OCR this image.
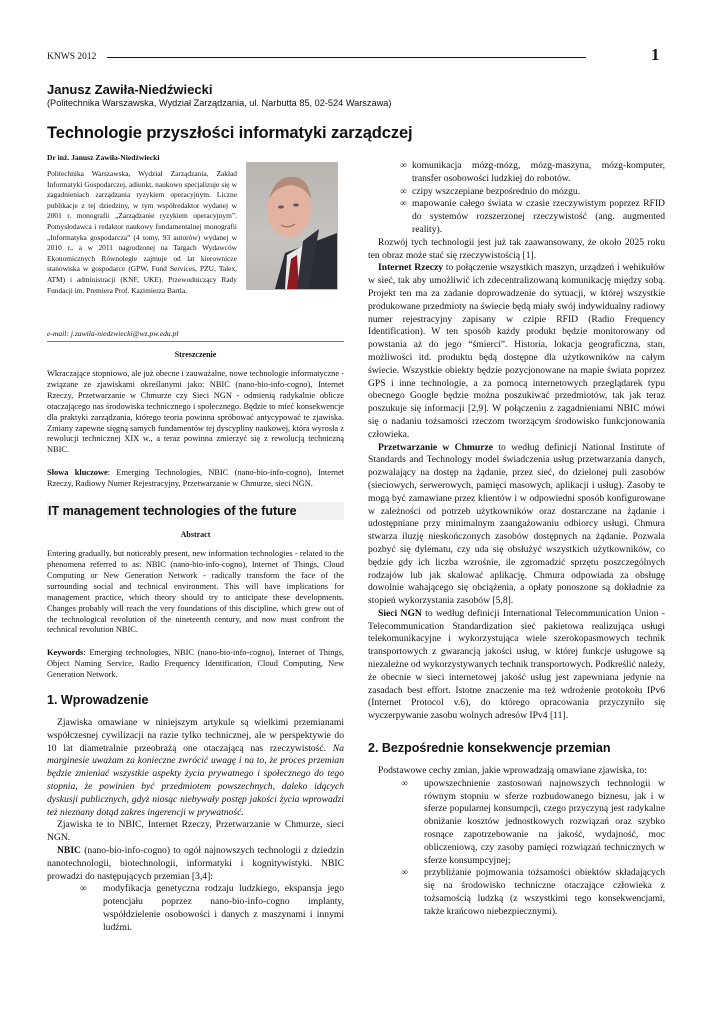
KNWS 2012	1
Janusz Zawiła-Niedźwiecki
(Politechnika Warszawska, Wydział Zarządzania, ul. Narbutta 85, 02-524 Warszawa)
Technologie przyszłości informatyki zarządczej
Dr inż. Janusz Zawiła-Niedźwiecki
Politechnika Warszawska, Wydział Zarządzania, Zakład Informatyki Gospodarczej, adiunkt, naukowo specjalizuje się w zagadnieniach zarządzania ryzykiem operacyjnym. Liczne publikacje z tej dziedziny, w tym współredaktor wydanej w 2001 r. monografii „Zarządzanie ryzykiem operacyjnym”. Pomysłodawca i redaktor naukowy fundamentalnej monografii „Informatyka gospodarcza” (4 tomy, 93 autorów) wydanej w 2010 r., a w 2011 nagrodzonej na Targach Wydawców Ekonomicznych Równolegle zajmuje od lat kierownicze stanowiska w gospodarce (GPW, Fund Services, PZU, Talex, ATM) i administracji (KNF, UKE). Przewodniczący Rady Fundacji im. Premiera Prof. Kazimierza Bartla.
e-mail: j.zawila-niedzwiecki@wz.pw.edu.pl
Streszczenie

Wkraczające stopniowo, ale już obecne i zauważalne, nowe technologie informatyczne - związane ze zjawiskami określanymi jako: NBIC (nano-bio-info-cogno), Internet Rzeczy, Przetwarzanie w Chmurze czy Sieci NGN - odmienią radykalnie oblicze otaczającego nas środowiska technicznego i społecznego. Będzie to mieć konsekwencje dla praktyki zarządzania, którego teoria powinna spróbować antycypować te zjawiska. Zmiany zapewne sięgną samych fundamentów tej dyscypliny naukowej, która wyrosła z rewolucji technicznej XIX w., a teraz powinna zmierzyć się z rewolucją techniczną NBIC.

Słowa kluczowe: Emerging Technologies, NBIC (nano-bio-info-cogno), Internet Rzeczy, Radiowy Numer Rejestracyjny, Przetwarzanie w Chmurze, sieci NGN.

IT management technologies of the future
Abstract

Entering gradually, but noticeably present, new information technologies - related to the phenomena referred to as: NBIC (nano-bio-info-cogno), Internet of Things, Cloud Computing or New Generation Network - radically transform the face of the surrounding social and technical environment. This will have implications for management practice, which theory should try to anticipate these developments. Changes probably will reach the very foundations of this discipline, which grew out of the technological revolution of the nineteenth century, and now must confront the technical revolution NBIC.

Keywords: Emerging technologies, NBIC (nano-bio-info-cogno), Internet of Things, Object Naming Service, Radio Frequency Identification, Cloud Computing, New Generation Network.

1. Wprowadzenie

Zjawiska omawiane w niniejszym artykule są wielkimi przemianami współczesnej cywilizacji na razie tylko technicznej, ale w perspektywie do 10 lat diametralnie przeobrażą one otaczającą nas rzeczywistość. Na marginesie uważam za konieczne zwrócić uwagę i na to, że proces przemian będzie zmieniać wszystkie aspekty życia prywatnego i społecznego do tego stopnia, że powinien być przedmiotem powszechnych, daleko idących dyskusji publicznych, gdyż niosąc niebywały postęp jakości życia wprowadzi też nieznany dotąd zakres ingerencji w prywatność.

Zjawiska te to NBIC, Internet Rzeczy, Przetwarzanie w Chmurze, sieci NGN.

NBIC (nano-bio-info-cogno) to ogół najnowszych technologii z dziedzin nanotechnologii, biotechnologii, informatyki i kognitywistyki. NBIC prowadzi do następujących przemian [3,4]:

∞ modyfikacja genetyczna rodzaju ludzkiego, ekspansja jego potencjału poprzez nano-bio-info-cogno implanty, współdzielenie osobowości i danych z maszynami i innymi ludźmi.
∞ komunikacja mózg-mózg, mózg-maszyna, mózg-komputer, transfer osobowości ludzkiej do robotów.
∞ czipy wszczepiane bezpośrednio do mózgu.
∞ mapowanie całego świata w czasie rzeczywistym poprzez RFID do systemów rozszerzonej rzeczywistość (ang. augmented reality).

Rozwój tych technologii jest już tak zaawansowany, że około 2025 roku ten obraz może stać się rzeczywistością [1].

Internet Rzeczy to połączenie wszystkich maszyn, urządzeń i wehikułów w sieć, tak aby umożliwić ich zdecentralizowaną komunikację między sobą. Projekt ten ma za zadanie doprowadzenie do sytuacji, w której wszystkie produkowane przedmioty na świecie będą miały swój indywidualny radiowy numer rejestracyjny zapisany w czipie RFID (Radio Frequency Identification). W ten sposób każdy produkt będzie monitorowany od powstania aż do jego “śmierci”. Historia, lokacja geograficzna, stan, możliwości itd. produktu będą dostępne dla użytkowników na całym świecie. Wszystkie obiekty będzie pozycjonowane na mapie świata poprzez GPS i inne technologie, a za pomocą internetowych przeglądarek typu obecnego Google będzie można poszukiwać przedmiotów, tak jak teraz poszukuje się informacji [2,9]. W połączeniu z zagadnieniami NBIC mówi się o nadaniu tożsamości rzeczom tworzącym środowisko funkcjonowania człowieka.

Przetwarzanie w Chmurze to według definicji National Institute of Standards and Technology model świadczenia usług przetwarzania danych, pozwalający na dostęp na żądanie, przez sieć, do dzielonej puli zasobów (sieciowych, serwerowych, pamięci masowych, aplikacji i usług). Zasoby te mogą być zamawiane przez klientów i w odpowiedni sposób konfigurowane w zależności od potrzeb użytkowników oraz dostarczane na żądanie i udostępniane przy minimalnym zaangażowaniu odbiorcy usługi. Chmura stwarza iluzję nieskończonych zasobów dostępnych na żądanie. Pozwala pozbyć się dylematu, czy uda się obsłużyć wszystkich użytkowników, co będzie gdy ich liczba wzrośnie, ile zgromadzić sprzętu poszczególnych rodzajów lub jak skalować aplikację. Chmura odpowiada za obsługę dowolnie wahającego się obciążenia, a opłaty ponoszone są dokładnie za stopień wykorzystania zasobów [5,8].

Sieci NGN to według definicji International Telecommunication Union - Telecommunication Standardization sieć pakietowa realizująca usługi telekomunikacyjne i wykorzystująca wiele szerokopasmowych technik transportowych z gwarancją jakości usług, w której funkcje usługowe są niezależne od wykorzystywanych technik transportowych. Podkreślić należy, że obecnie w sieci internetowej jakość usług jest zapewniana jedynie na zasadach best effort. Istotne znaczenie ma też wdrożenie protokołu IPv6 (Internet Protocol v.6), do którego opracowania przyczyniło się wyczerpywanie zasobu wolnych adresów IPv4 [11].

2. Bezpośrednie konsekwencje przemian

Podstawowe cechy zmian, jakie wprowadzają omawiane zjawiska, to:

∞ upowszechnienie zastosowań najnowszych technologii w równym stopniu w sferze rozbudowanego biznesu, jak i w sferze popularnej konsumpcji, czego przyczyną jest radykalne obniżanie kosztów jednostkowych rozwiązań oraz szybko rosnące zapotrzebowanie na jakość, wydajność, moc obliczeniową, czy zasoby pamięci rozwiązań technicznych w sferze konsumpcyjnej;
∞ przybliżanie pojmowania tożsamości obiektów składających się na środowisko techniczne otaczające człowieka z tożsamością ludzką (z wszystkimi tego konsekwencjami, także krańcowo niebezpiecznymi).
